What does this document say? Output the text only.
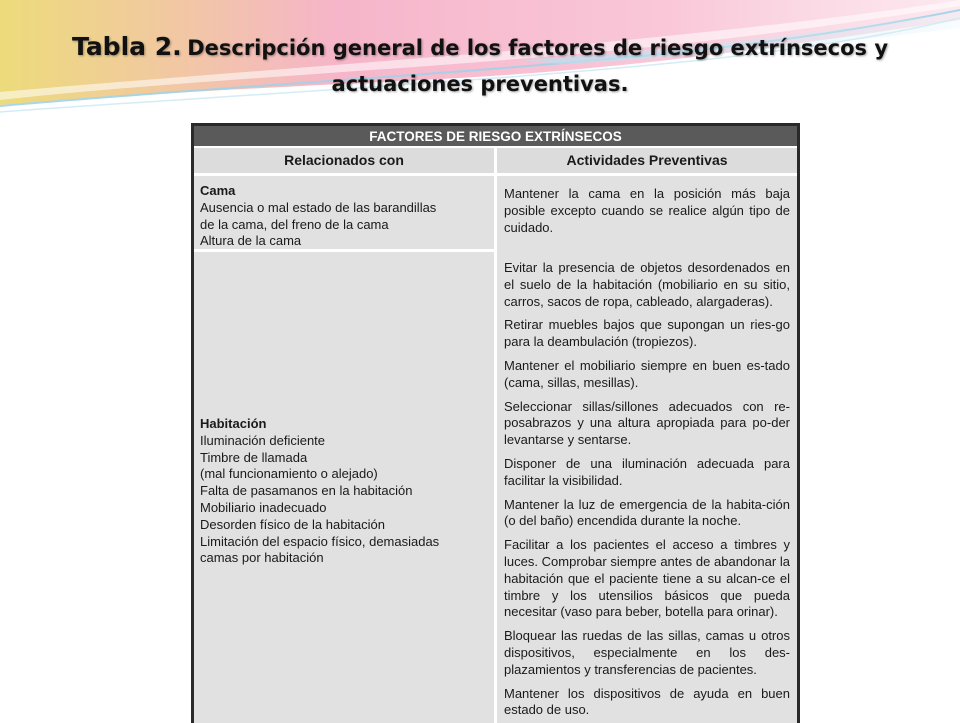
Tabla 2. Descripción general de los factores de riesgo extrínsecos y
actuaciones preventivas.
FACTORES DE RIESGO EXTRÍNSECOS
Relacionados con	Actividades Preventivas
Cama
Ausencia o mal estado de las barandillas
de la cama, del freno de la cama
Altura de la cama
Habitación
Iluminación deficiente
Timbre de llamada
(mal funcionamiento o alejado)
Falta de pasamanos en la habitación
Mobiliario inadecuado
Desorden físico de la habitación
Limitación del espacio físico, demasiadas
camas por habitación

Mantener la cama en la posición más baja posible excepto cuando se realice algún tipo de cuidado.

Evitar la presencia de objetos desordenados en el suelo de la habitación (mobiliario en su sitio, carros, sacos de ropa, cableado, alargaderas).

Retirar muebles bajos que supongan un ries-go para la deambulación (tropiezos).

Mantener el mobiliario siempre en buen es-tado (cama, sillas, mesillas).

Seleccionar sillas/sillones adecuados con re-posabrazos y una altura apropiada para po-der levantarse y sentarse.

Disponer de una iluminación adecuada para facilitar la visibilidad.

Mantener la luz de emergencia de la habita-ción (o del baño) encendida durante la noche.

Facilitar a los pacientes el acceso a timbres y luces. Comprobar siempre antes de abandonar la habitación que el paciente tiene a su alcan-ce el timbre y los utensilios básicos que pueda necesitar (vaso para beber, botella para orinar).

Bloquear las ruedas de las sillas, camas u otros dispositivos, especialmente en los des-plazamientos y transferencias de pacientes.

Mantener los dispositivos de ayuda en buen estado de uso.
